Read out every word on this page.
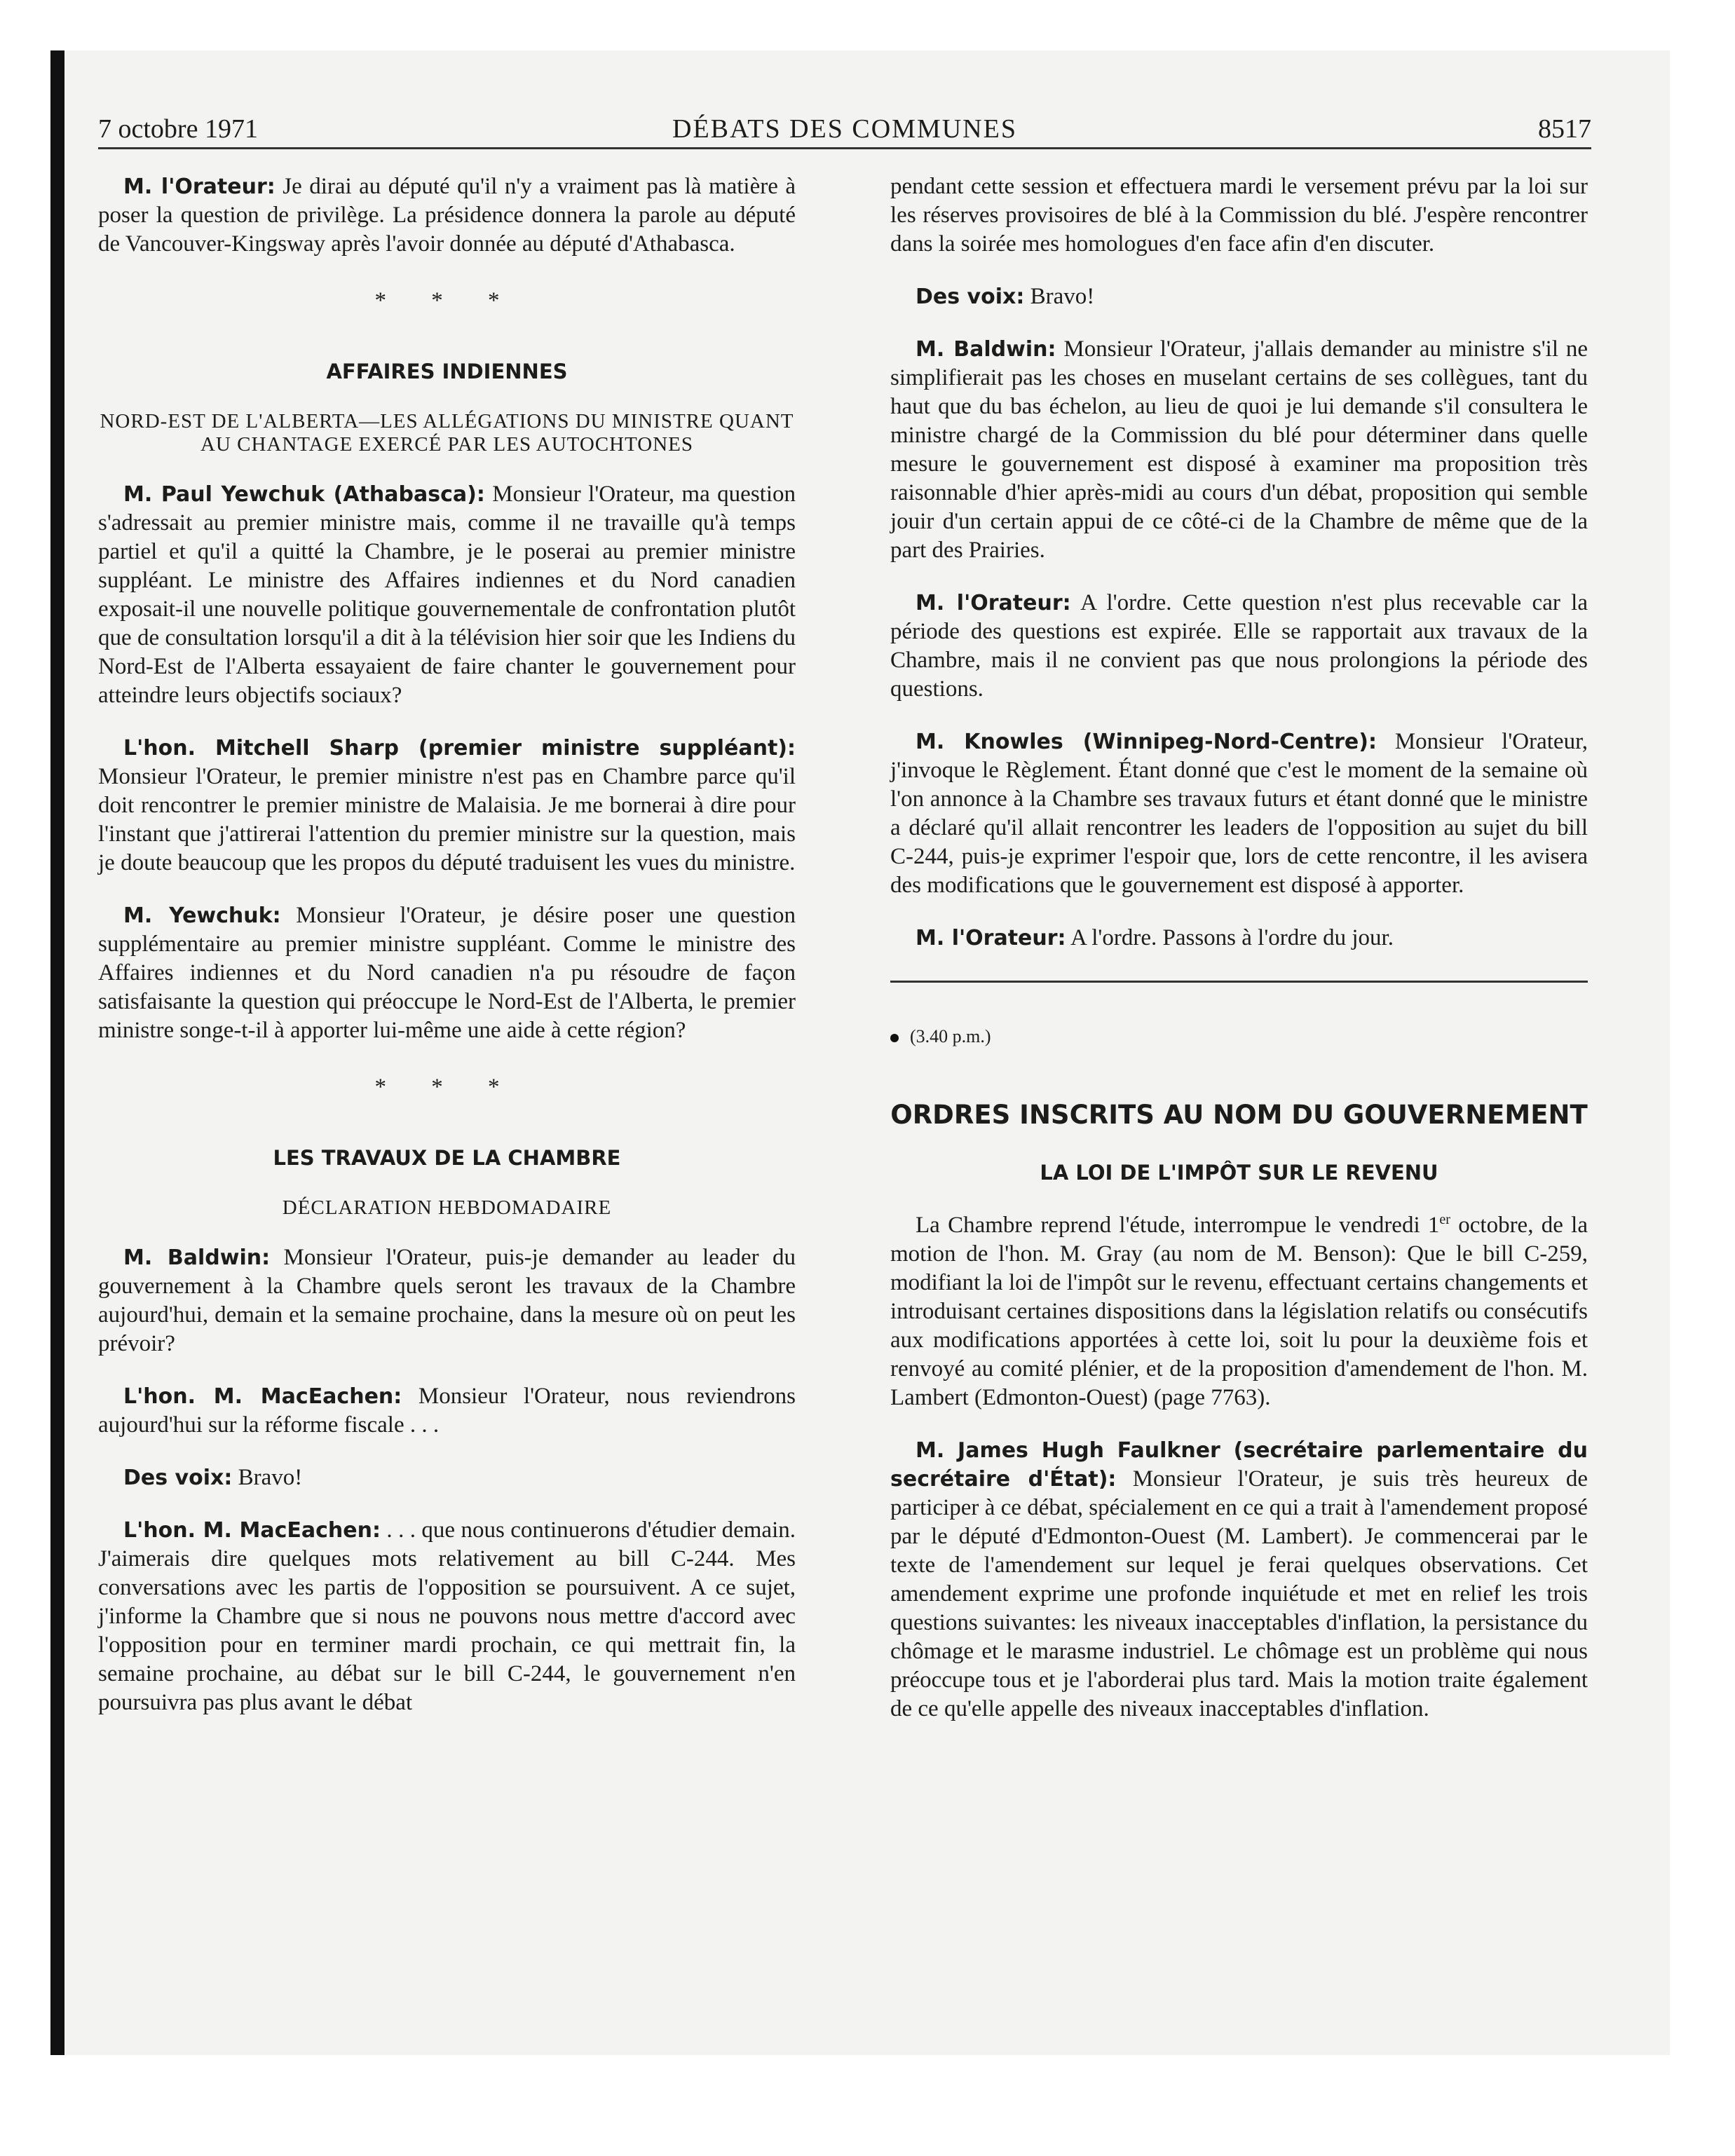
7 octobre 1971	DÉBATS DES COMMUNES	8517

M. l'Orateur: Je dirai au député qu'il n'y a vraiment pas là matière à poser la question de privilège. La présidence donnera la parole au député de Vancouver-Kingsway après l'avoir donnée au député d'Athabasca.

* * *
AFFAIRES INDIENNES
NORD-EST DE L'ALBERTA—LES ALLÉGATIONS DU MINISTRE QUANT AU CHANTAGE EXERCÉ PAR LES AUTOCHTONES

M. Paul Yewchuk (Athabasca): Monsieur l'Orateur, ma question s'adressait au premier ministre mais, comme il ne travaille qu'à temps partiel et qu'il a quitté la Chambre, je le poserai au premier ministre suppléant. Le ministre des Affaires indiennes et du Nord canadien exposait-il une nouvelle politique gouvernementale de confrontation plutôt que de consultation lorsqu'il a dit à la télévision hier soir que les Indiens du Nord-Est de l'Alberta essayaient de faire chanter le gouvernement pour atteindre leurs objectifs sociaux?

L'hon. Mitchell Sharp (premier ministre suppléant): Monsieur l'Orateur, le premier ministre n'est pas en Chambre parce qu'il doit rencontrer le premier ministre de Malaisia. Je me bornerai à dire pour l'instant que j'attirerai l'attention du premier ministre sur la question, mais je doute beaucoup que les propos du député traduisent les vues du ministre.

M. Yewchuk: Monsieur l'Orateur, je désire poser une question supplémentaire au premier ministre suppléant. Comme le ministre des Affaires indiennes et du Nord canadien n'a pu résoudre de façon satisfaisante la question qui préoccupe le Nord-Est de l'Alberta, le premier ministre songe-t-il à apporter lui-même une aide à cette région?

* * *
LES TRAVAUX DE LA CHAMBRE
DÉCLARATION HEBDOMADAIRE

M. Baldwin: Monsieur l'Orateur, puis-je demander au leader du gouvernement à la Chambre quels seront les travaux de la Chambre aujourd'hui, demain et la semaine prochaine, dans la mesure où on peut les prévoir?

L'hon. M. MacEachen: Monsieur l'Orateur, nous reviendrons aujourd'hui sur la réforme fiscale . . .

Des voix: Bravo!

L'hon. M. MacEachen: . . . que nous continuerons d'étudier demain. J'aimerais dire quelques mots relativement au bill C-244. Mes conversations avec les partis de l'opposition se poursuivent. A ce sujet, j'informe la Chambre que si nous ne pouvons nous mettre d'accord avec l'opposition pour en terminer mardi prochain, ce qui mettrait fin, la semaine prochaine, au débat sur le bill C-244, le gouvernement n'en poursuivra pas plus avant le débat

pendant cette session et effectuera mardi le versement prévu par la loi sur les réserves provisoires de blé à la Commission du blé. J'espère rencontrer dans la soirée mes homologues d'en face afin d'en discuter.

Des voix: Bravo!

M. Baldwin: Monsieur l'Orateur, j'allais demander au ministre s'il ne simplifierait pas les choses en muselant certains de ses collègues, tant du haut que du bas échelon, au lieu de quoi je lui demande s'il consultera le ministre chargé de la Commission du blé pour déterminer dans quelle mesure le gouvernement est disposé à examiner ma proposition très raisonnable d'hier après-midi au cours d'un débat, proposition qui semble jouir d'un certain appui de ce côté-ci de la Chambre de même que de la part des Prairies.

M. l'Orateur: A l'ordre. Cette question n'est plus recevable car la période des questions est expirée. Elle se rapportait aux travaux de la Chambre, mais il ne convient pas que nous prolongions la période des questions.

M. Knowles (Winnipeg-Nord-Centre): Monsieur l'Orateur, j'invoque le Règlement. Étant donné que c'est le moment de la semaine où l'on annonce à la Chambre ses travaux futurs et étant donné que le ministre a déclaré qu'il allait rencontrer les leaders de l'opposition au sujet du bill C-244, puis-je exprimer l'espoir que, lors de cette rencontre, il les avisera des modifications que le gouvernement est disposé à apporter.

M. l'Orateur: A l'ordre. Passons à l'ordre du jour.

(3.40 p.m.)
ORDRES INSCRITS AU NOM DU GOUVERNEMENT
LA LOI DE L'IMPÔT SUR LE REVENU

La Chambre reprend l'étude, interrompue le vendredi 1er octobre, de la motion de l'hon. M. Gray (au nom de M. Benson): Que le bill C-259, modifiant la loi de l'impôt sur le revenu, effectuant certains changements et introduisant certaines dispositions dans la législation relatifs ou consécutifs aux modifications apportées à cette loi, soit lu pour la deuxième fois et renvoyé au comité plénier, et de la proposition d'amendement de l'hon. M. Lambert (Edmonton-Ouest) (page 7763).

M. James Hugh Faulkner (secrétaire parlementaire du secrétaire d'État): Monsieur l'Orateur, je suis très heureux de participer à ce débat, spécialement en ce qui a trait à l'amendement proposé par le député d'Edmonton-Ouest (M. Lambert). Je commencerai par le texte de l'amendement sur lequel je ferai quelques observations. Cet amendement exprime une profonde inquiétude et met en relief les trois questions suivantes: les niveaux inacceptables d'inflation, la persistance du chômage et le marasme industriel. Le chômage est un problème qui nous préoccupe tous et je l'aborderai plus tard. Mais la motion traite également de ce qu'elle appelle des niveaux inacceptables d'inflation.
